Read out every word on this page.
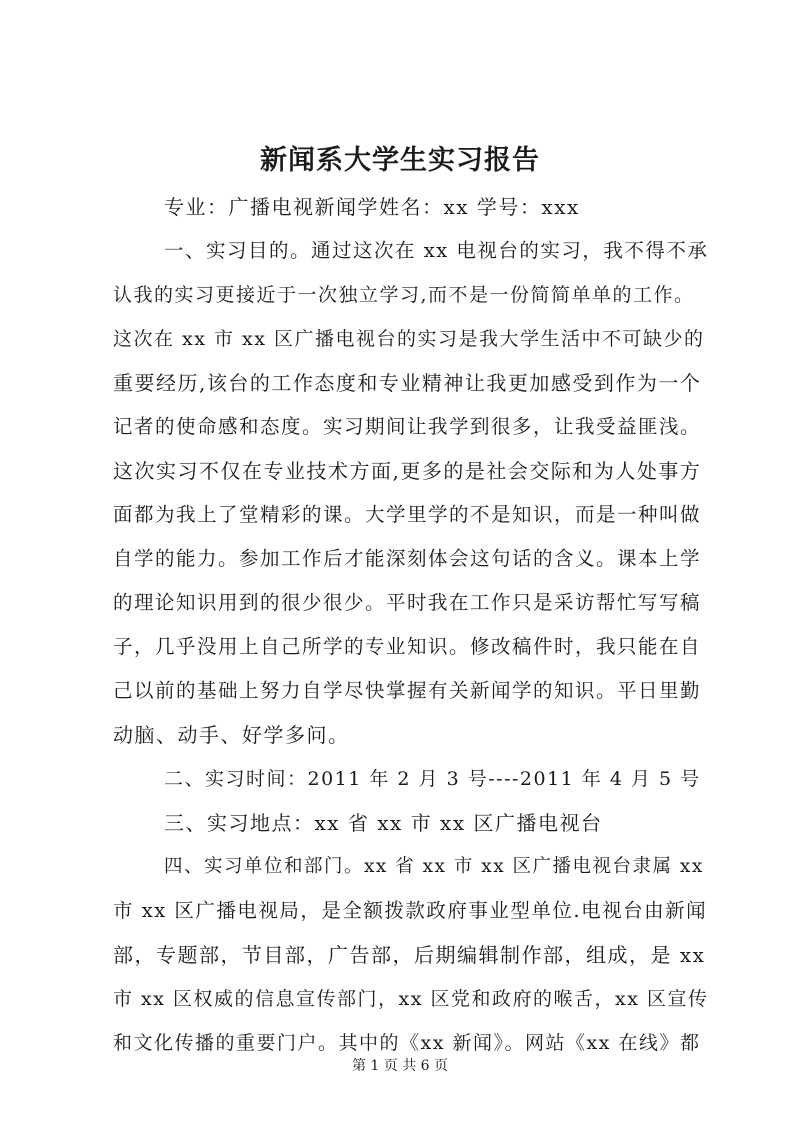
新闻系大学生实习报告
专业：广播电视新闻学姓名：xx 学号：xxx
一、实习目的。通过这次在 xx 电视台的实习，我不得不承
认我的实习更接近于一次独立学习,而不是一份简简单单的工作。
这次在 xx 市 xx 区广播电视台的实习是我大学生活中不可缺少的
重要经历,该台的工作态度和专业精神让我更加感受到作为一个
记者的使命感和态度。实习期间让我学到很多，让我受益匪浅。
这次实习不仅在专业技术方面,更多的是社会交际和为人处事方
面都为我上了堂精彩的课。大学里学的不是知识，而是一种叫做
自学的能力。参加工作后才能深刻体会这句话的含义。课本上学
的理论知识用到的很少很少。平时我在工作只是采访帮忙写写稿
子，几乎没用上自己所学的专业知识。修改稿件时，我只能在自
己以前的基础上努力自学尽快掌握有关新闻学的知识。平日里勤
动脑、动手、好学多问。
二、实习时间：2011 年 2 月 3 号----2011 年 4 月 5 号
三、实习地点：xx 省 xx 市 xx 区广播电视台
四、实习单位和部门。xx 省 xx 市 xx 区广播电视台隶属 xx
市 xx 区广播电视局，是全额拨款政府事业型单位.电视台由新闻
部，专题部，节目部，广告部，后期编辑制作部，组成，是 xx
市 xx 区权威的信息宣传部门，xx 区党和政府的喉舌，xx 区宣传
和文化传播的重要门户。其中的《xx 新闻》。网站《xx 在线》都
第 1 页 共 6 页
